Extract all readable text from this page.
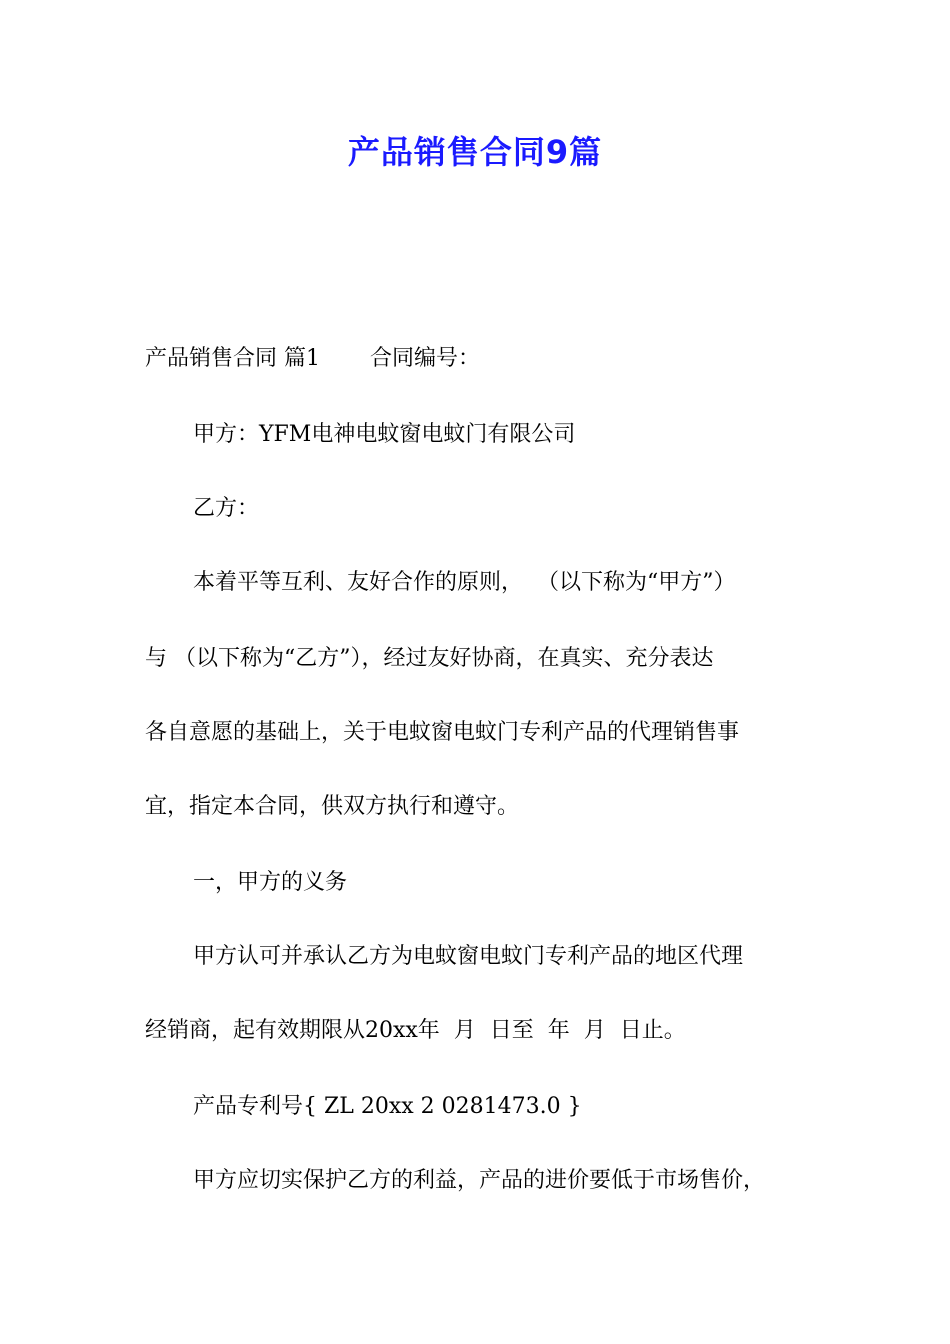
产品销售合同9篇

产品销售合同 篇1 合同编号：

甲方：YFM电神电蚊窗电蚊门有限公司

乙方：

本着平等互利、友好合作的原则，  （以下称为“甲方”）

与 （以下称为“乙方”），经过友好协商，在真实、充分表达

各自意愿的基础上，关于电蚊窗电蚊门专利产品的代理销售事

宜，指定本合同，供双方执行和遵守。

一，甲方的义务

甲方认可并承认乙方为电蚊窗电蚊门专利产品的地区代理

经销商，起有效期限从20xx年  月  日至  年  月  日止。

产品专利号{ ZL 20xx 2 0281473.0 }

甲方应切实保护乙方的利益，产品的进价要低于市场售价，
